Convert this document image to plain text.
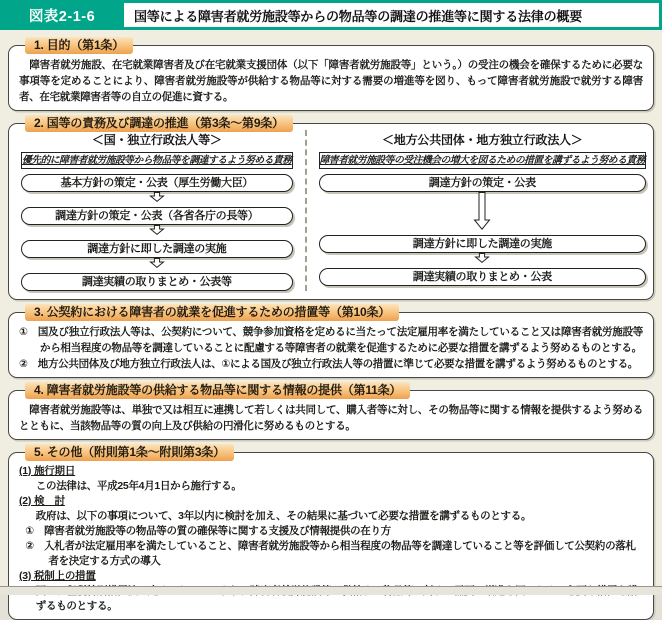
図表2-1-6	国等による障害者就労施設等からの物品等の調達の推進等に関する法律の概要
1. 目的（第1条）

　障害者就労施設、在宅就業障害者及び在宅就業支援団体（以下「障害者就労施設等」という。）の受注の機会を確保するために必要な事項等を定めることにより、障害者就労施設等が供給する物品等に対する需要の増進等を図り、もって障害者就労施設で就労する障害者、在宅就業障害者等の自立の促進に資する。

2. 国等の責務及び調達の推進（第3条～第9条）
＜国・独立行政法人等＞
優先的に障害者就労施設等から物品等を調達するよう努める責務
基本方針の策定・公表（厚生労働大臣）
調達方針の策定・公表（各省各庁の長等）
調達方針に即した調達の実施
調達実績の取りまとめ・公表等
＜地方公共団体・地方独立行政法人＞
障害者就労施設等の受注機会の増大を図るための措置を講ずるよう努める責務
調達方針の策定・公表
調達方針に即した調達の実施
調達実績の取りまとめ・公表
3. 公契約における障害者の就業を促進するための措置等（第10条）

①　国及び独立行政法人等は、公契約について、競争参加資格を定めるに当たって法定雇用率を満たしていること又は障害者就労施設等から相当程度の物品等を調達していることに配慮する等障害者の就業を促進するために必要な措置を講ずるよう努めるものとする。

②　地方公共団体及び地方独立行政法人は、①による国及び独立行政法人等の措置に準じて必要な措置を講ずるよう努めるものとする。

4. 障害者就労施設等の供給する物品等に関する情報の提供（第11条）

　障害者就労施設等は、単独で又は相互に連携して若しくは共同して、購入者等に対し、その物品等に関する情報を提供するよう努めるとともに、当該物品等の質の向上及び供給の円滑化に努めるものとする。

5. その他（附則第1条～附則第3条）
(1) 施行期日
この法律は、平成25年4月1日から施行する。
(2) 検　討
政府は、以下の事項について、3年以内に検討を加え、その結果に基づいて必要な措置を講ずるものとする。
①　障害者就労施設等の物品等の質の確保等に関する支援及び情報提供の在り方
②　入札者が法定雇用率を満たしていること、障害者就労施設等から相当程度の物品等を調達していること等を評価して公契約の落札者を決定する方式の導入
(3) 税制上の措置
ずるものとする。
